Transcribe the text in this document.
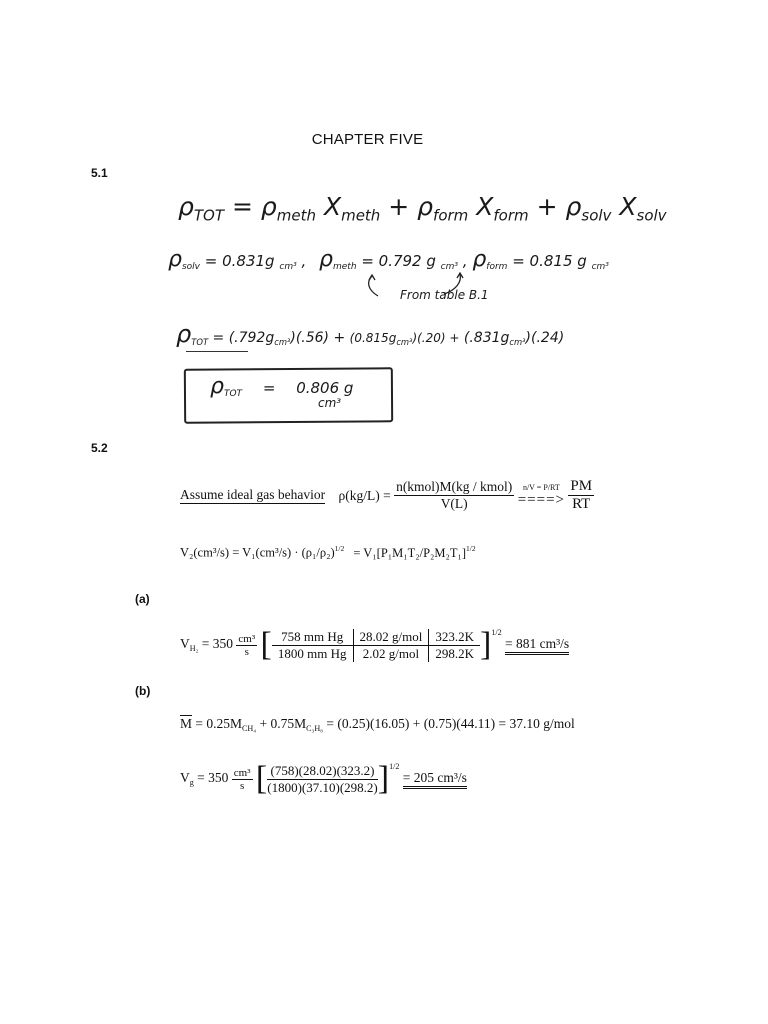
CHAPTER FIVE
5.1
$\rho_{TOT} = \rho_{meth}$ $X_{meth} + \rho_{form}$ $X_{form} + \rho_{solv}$ $X_{solv}$
$\rho_{solv} = 0.831g$ $_{cm^3}$ , $\rho_{meth} = 0.792$ g $_{cm^3}$ , $\rho_{form} = 0.815$ g $_{cm^3}$
From table B.1
$\rho_{TOT} = (.792g_{cm^3})(.56) + (0.815g_{cm^3})(.20) + (.831g_{cm^3})(.24)$
$\rho_{TOT} = 0.806$ g
cm³
5.2
Assume ideal gas behavior $\rho(kg/L) = \frac{\text{n(kmol)M(kg / kmol)}}{V(L)}$
	n/V = P/RT
====>
$\frac{PM}{RT}$
$V_2(cm^3/s) = V_1(cm^3/s) \cdot (\rho_1/\rho_2)^{1/2} = V_1[P_1M_1T_2/P_2M_2T_1]^{1/2}$
(a)
$V_{H_2} = 350 \frac{\text{cm³}}{s}$ [ 758 mm Hg	28.02 g/mol	323.2K
1800 mm Hg	2.02 g/mol	298.2K ]$^{1/2}$ = 881 cm³/s
(b)
$\overline{M} = 0.25M_{CH_4} + 0.75M_{C_3H_8} = (0.25)(16.05) + (0.75)(44.11) = 37.10$ g/mol
$V_g = 350 \frac{\text{cm³}}{s}$ [ $\frac{(758)(28.02)(323.2)}{(1800)(37.10)(298.2)} ]^{1/2} = 205$ cm³/s
